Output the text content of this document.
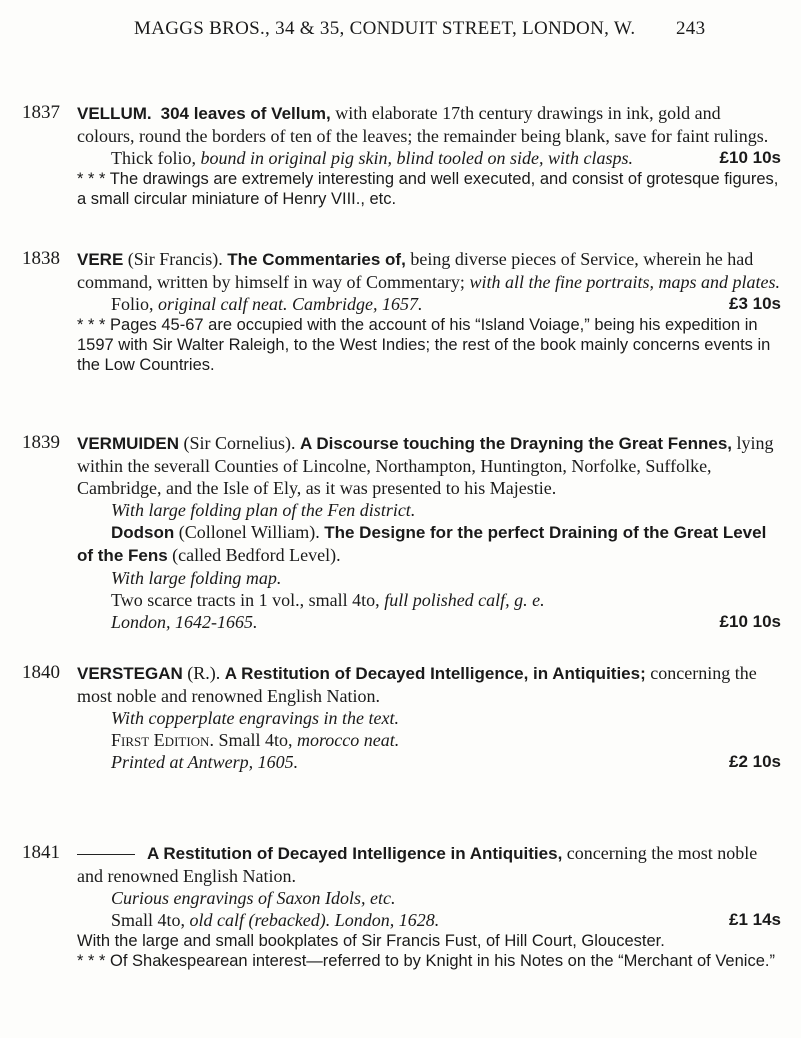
MAGGS BROS., 34 & 35, CONDUIT STREET, LONDON, W. 243
1837 VELLUM. 304 leaves of Vellum, with elaborate 17th century drawings in ink, gold and colours, round the borders of ten of the leaves; the remainder being blank, save for faint rulings.

Thick folio, bound in original pig skin, blind tooled on side, with clasps.	£10 10s

* * * The drawings are extremely interesting and well executed, and consist of grotesque figures, a small circular miniature of Henry VIII., etc.

1838 VERE (Sir Francis). The Commentaries of, being diverse pieces of Service, wherein he had command, written by himself in way of Commentary; with all the fine portraits, maps and plates.

Folio, original calf neat. Cambridge, 1657.	£3 10s

* * * Pages 45-67 are occupied with the account of his “Island Voiage,” being his expedition in 1597 with Sir Walter Raleigh, to the West Indies; the rest of the book mainly concerns events in the Low Countries.

1839 VERMUIDEN (Sir Cornelius). A Discourse touching the Drayning the Great Fennes, lying within the severall Counties of Lincolne, Northampton, Huntington, Norfolke, Suffolke, Cambridge, and the Isle of Ely, as it was presented to his Majestie.

With large folding plan of the Fen district.

Dodson (Collonel William). The Designe for the perfect Draining of the Great Level of the Fens (called Bedford Level).

With large folding map.

Two scarce tracts in 1 vol., small 4to, full polished calf, g. e.

London, 1642-1665.	£10 10s

1840 VERSTEGAN (R.). A Restitution of Decayed Intelligence, in Antiquities; concerning the most noble and renowned English Nation.

With copperplate engravings in the text.

First Edition. Small 4to, morocco neat.

Printed at Antwerp, 1605.	£2 10s

1841	A Restitution of Decayed Intelligence in Antiquities, concerning the most noble and renowned English Nation.

Curious engravings of Saxon Idols, etc.

Small 4to, old calf (rebacked). London, 1628.	£1 14s

With the large and small bookplates of Sir Francis Fust, of Hill Court, Gloucester.

* * * Of Shakespearean interest—referred to by Knight in his Notes on the “Merchant of Venice.”
